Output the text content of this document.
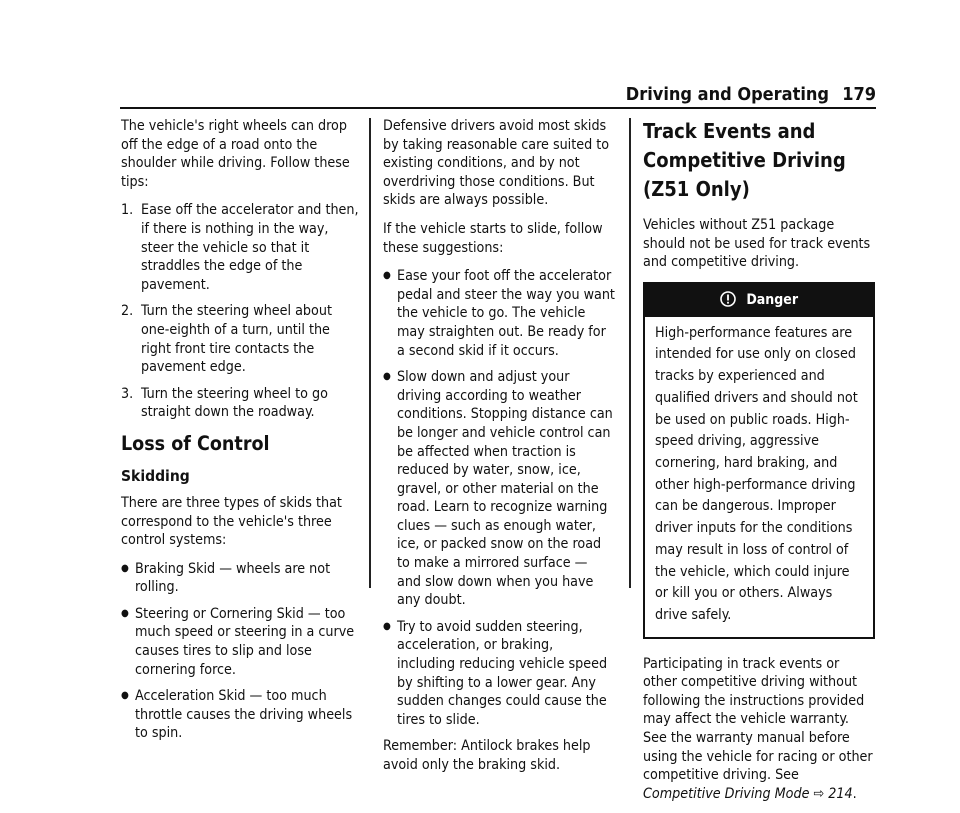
Driving and Operating 179

The vehicle's right wheels can drop off the edge of a road onto the shoulder while driving. Follow these tips:

1. Ease off the accelerator and then, if there is nothing in the way, steer the vehicle so that it straddles the edge of the pavement.
2. Turn the steering wheel about one-eighth of a turn, until the right front tire contacts the pavement edge.
3. Turn the steering wheel to go straight down the roadway.
Loss of Control
Skidding

There are three types of skids that correspond to the vehicle's three control systems:

● Braking Skid — wheels are not rolling.
● Steering or Cornering Skid — too much speed or steering in a curve causes tires to slip and lose cornering force.
● Acceleration Skid — too much throttle causes the driving wheels to spin.

Defensive drivers avoid most skids by taking reasonable care suited to existing conditions, and by not overdriving those conditions. But skids are always possible.

If the vehicle starts to slide, follow these suggestions:

● Ease your foot off the accelerator pedal and steer the way you want the vehicle to go. The vehicle may straighten out. Be ready for a second skid if it occurs.
● Slow down and adjust your driving according to weather conditions. Stopping distance can be longer and vehicle control can be affected when traction is reduced by water, snow, ice, gravel, or other material on the road. Learn to recognize warning clues — such as enough water, ice, or packed snow on the road to make a mirrored surface — and slow down when you have any doubt.
● Try to avoid sudden steering, acceleration, or braking, including reducing vehicle speed by shifting to a lower gear. Any sudden changes could cause the tires to slide.

Remember: Antilock brakes help avoid only the braking skid.

Track Events and Competitive Driving (Z51 Only)

Vehicles without Z51 package should not be used for track events and competitive driving.

Danger
High-performance features are intended for use only on closed tracks by experienced and qualified drivers and should not be used on public roads. High-speed driving, aggressive cornering, hard braking, and other high-performance driving can be dangerous. Improper driver inputs for the conditions may result in loss of control of the vehicle, which could injure or kill you or others. Always drive safely.

Participating in track events or other competitive driving without following the instructions provided may affect the vehicle warranty. See the warranty manual before using the vehicle for racing or other competitive driving. See Competitive Driving Mode ⇨ 214.
